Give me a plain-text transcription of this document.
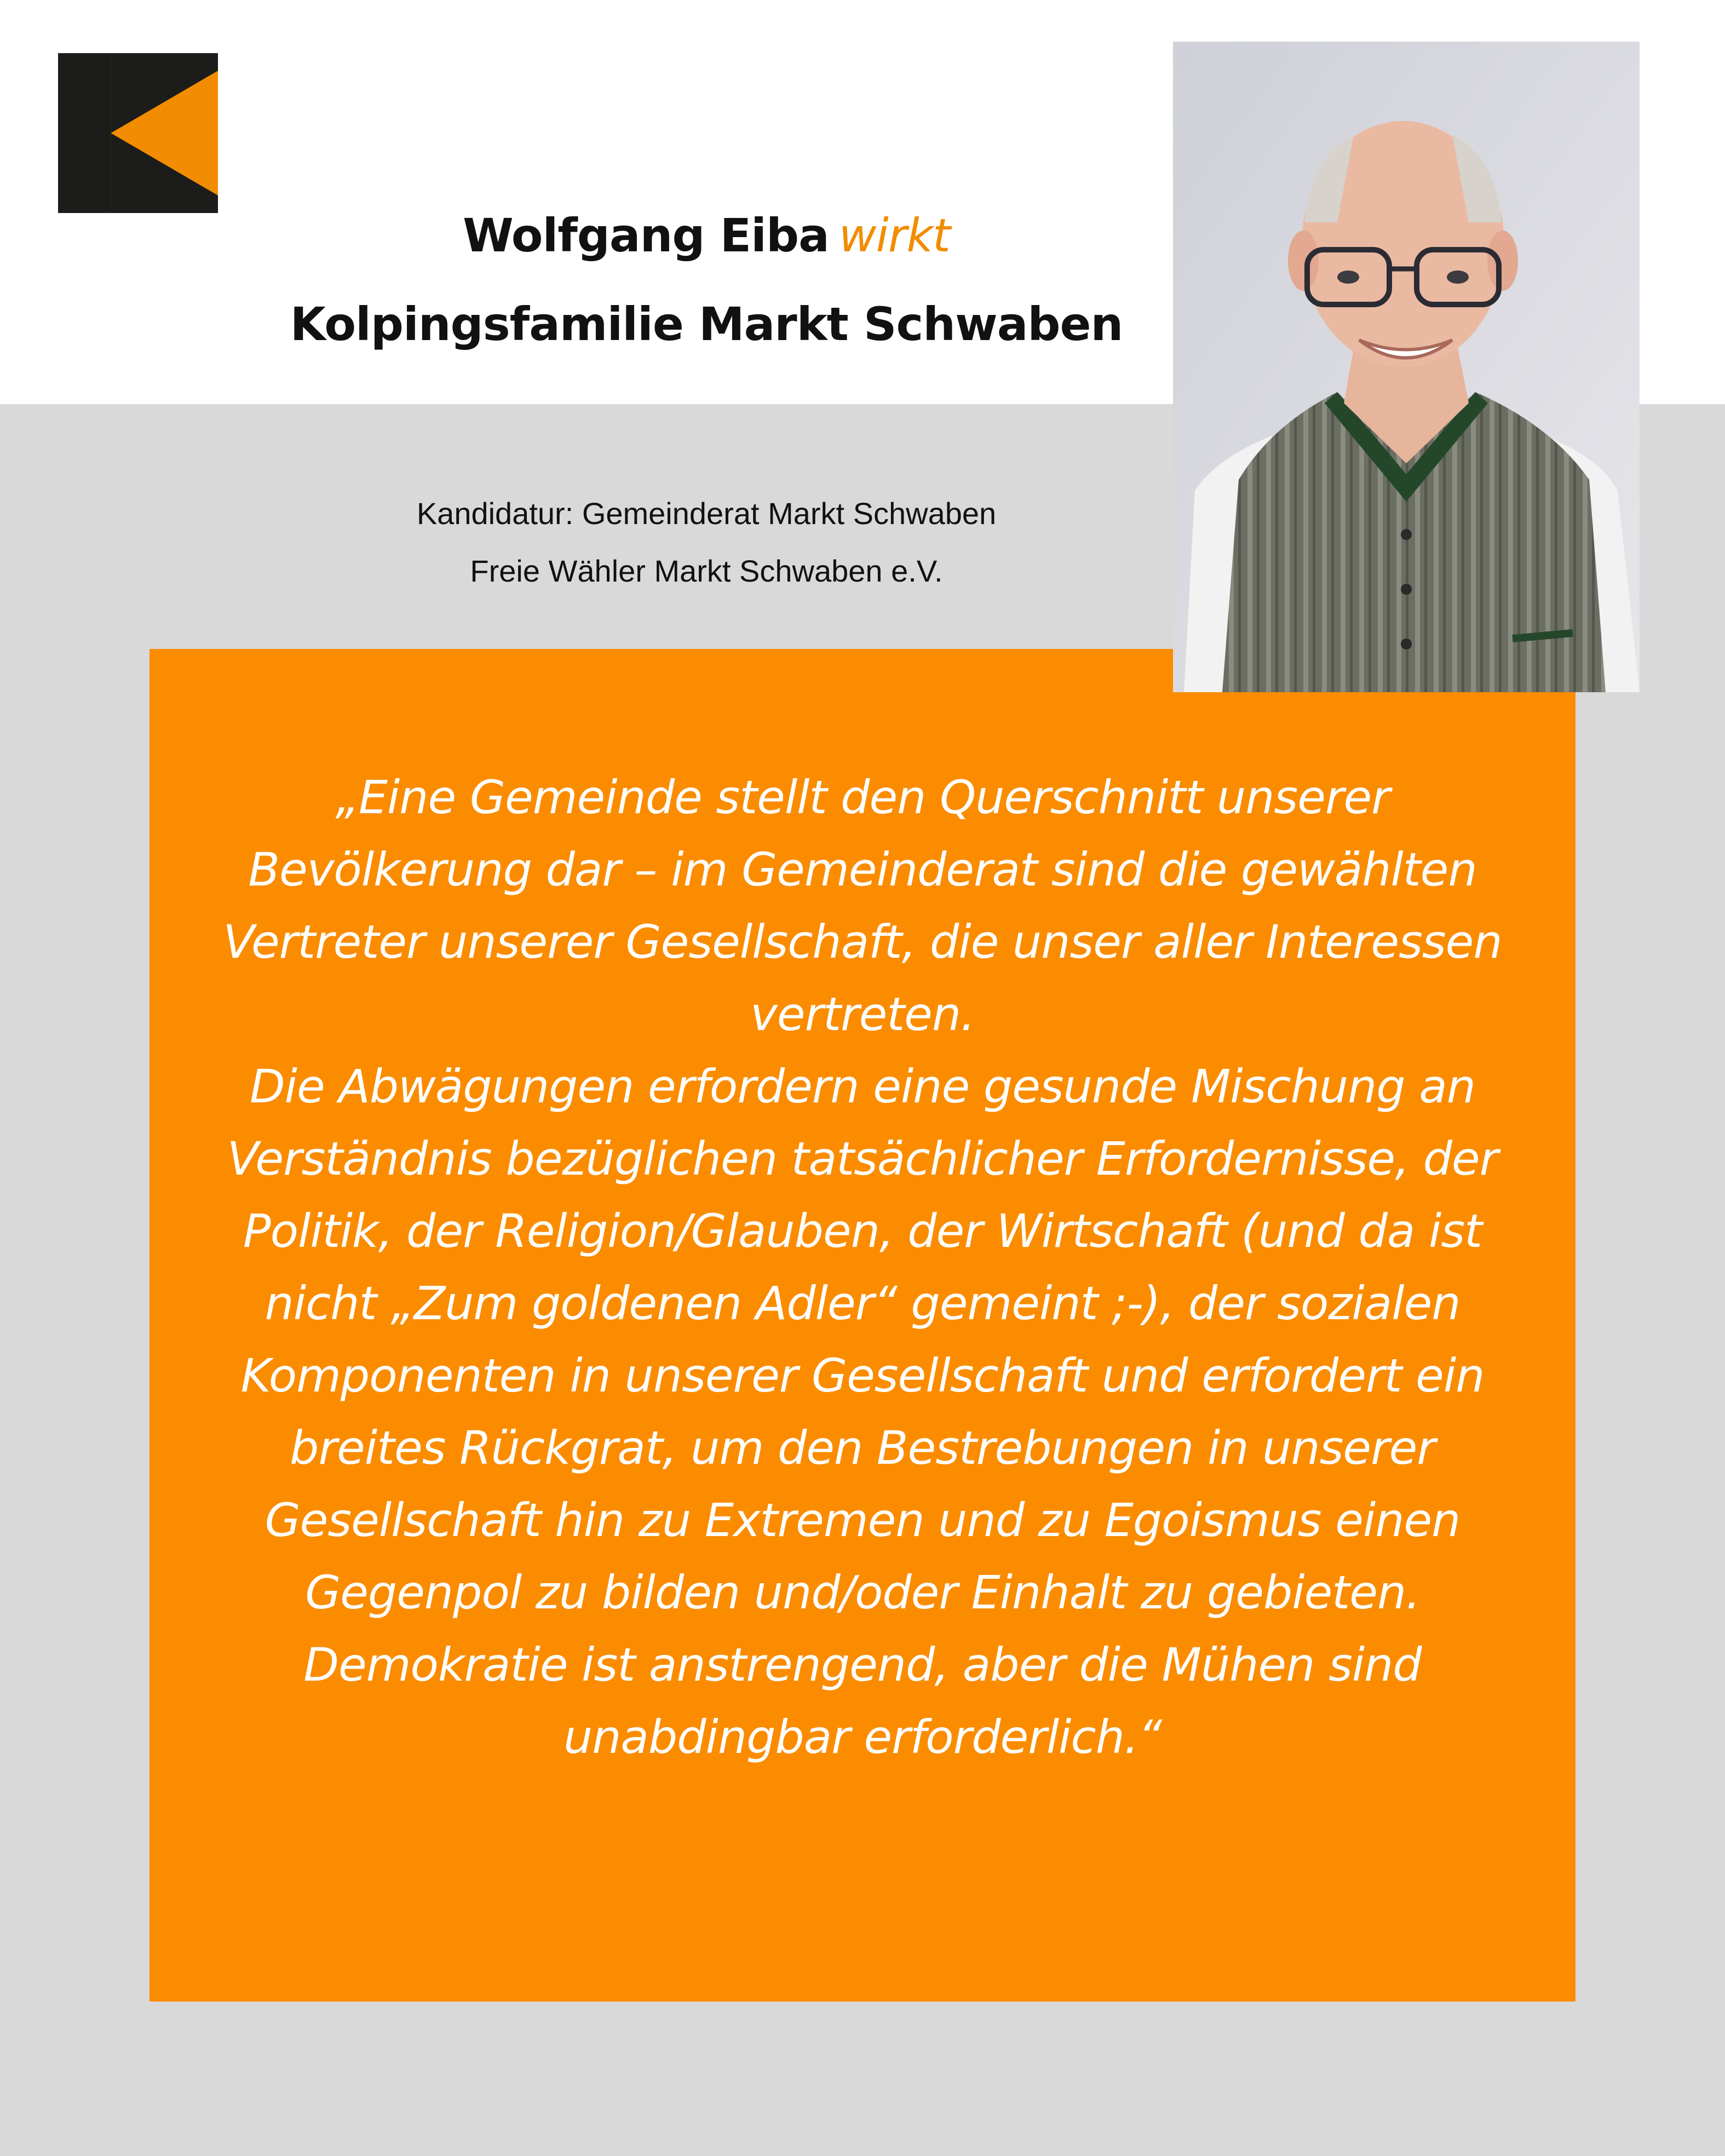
Wolfgang Eiba wirkt
Kolpingsfamilie Markt Schwaben
Kandidatur: Gemeinderat Markt Schwaben
Freie Wähler Markt Schwaben e.V.

„Eine Gemeinde stellt den Querschnitt unserer
Bevölkerung dar – im Gemeinderat sind die gewählten
Vertreter unserer Gesellschaft, die unser aller Interessen
vertreten.
Die Abwägungen erfordern eine gesunde Mischung an
Verständnis bezüglichen tatsächlicher Erfordernisse, der
Politik, der Religion/Glauben, der Wirtschaft (und da ist
nicht „Zum goldenen Adler“ gemeint ;-), der sozialen
Komponenten in unserer Gesellschaft und erfordert ein
breites Rückgrat, um den Bestrebungen in unserer
Gesellschaft hin zu Extremen und zu Egoismus einen
Gegenpol zu bilden und/oder Einhalt zu gebieten.
Demokratie ist anstrengend, aber die Mühen sind
unabdingbar erforderlich.“
